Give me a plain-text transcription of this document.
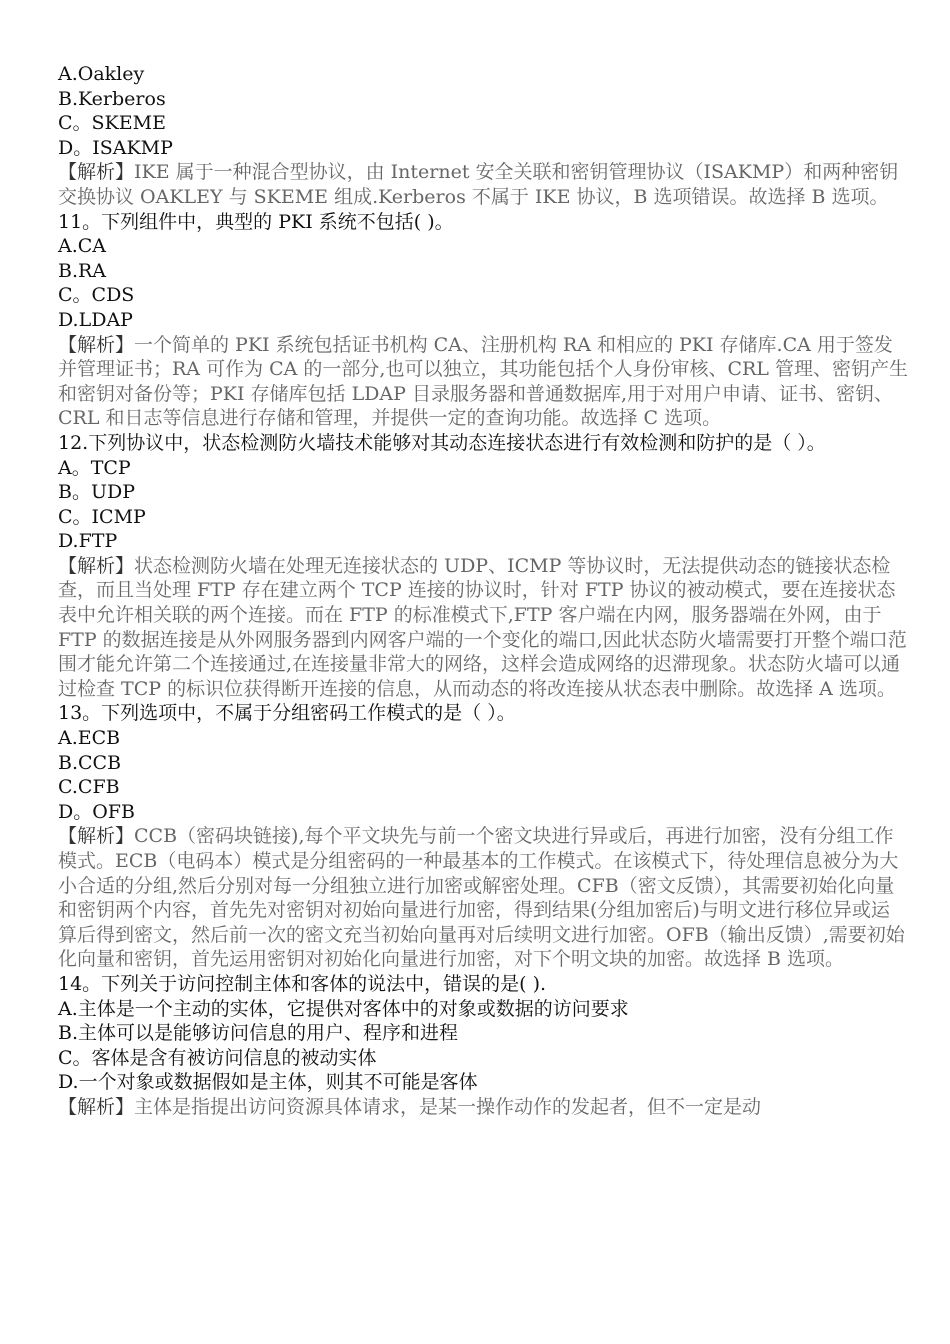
A.Oakley
B.Kerberos
C。SKEME
D。ISAKMP
【解析】IKE 属于一种混合型协议，由 Internet 安全关联和密钥管理协议（ISAKMP）和两种密钥交换协议 OAKLEY 与 SKEME 组成.Kerberos 不属于 IKE 协议，B 选项错误。故选择 B 选项。
11。下列组件中，典型的 PKI 系统不包括( )。
A.CA
B.RA
C。CDS
D.LDAP
【解析】一个简单的 PKI 系统包括证书机构 CA、注册机构 RA 和相应的 PKI 存储库.CA 用于签发并管理证书；RA 可作为 CA 的一部分,也可以独立，其功能包括个人身份审核、CRL 管理、密钥产生和密钥对备份等；PKI 存储库包括 LDAP 目录服务器和普通数据库,用于对用户申请、证书、密钥、CRL 和日志等信息进行存储和管理，并提供一定的查询功能。故选择 C 选项。
12.下列协议中，状态检测防火墙技术能够对其动态连接状态进行有效检测和防护的是（ ）。
A。TCP
B。UDP
C。ICMP
D.FTP
【解析】状态检测防火墙在处理无连接状态的 UDP、ICMP 等协议时，无法提供动态的链接状态检查，而且当处理 FTP 存在建立两个 TCP 连接的协议时，针对 FTP 协议的被动模式，要在连接状态表中允许相关联的两个连接。而在 FTP 的标准模式下,FTP 客户端在内网，服务器端在外网，由于 FTP 的数据连接是从外网服务器到内网客户端的一个变化的端口,因此状态防火墙需要打开整个端口范围才能允许第二个连接通过,在连接量非常大的网络，这样会造成网络的迟滞现象。状态防火墙可以通过检查 TCP 的标识位获得断开连接的信息，从而动态的将改连接从状态表中删除。故选择 A 选项。
13。下列选项中，不属于分组密码工作模式的是（ ）。
A.ECB
B.CCB
C.CFB
D。OFB
【解析】CCB（密码块链接),每个平文块先与前一个密文块进行异或后，再进行加密，没有分组工作模式。ECB（电码本）模式是分组密码的一种最基本的工作模式。在该模式下，待处理信息被分为大小合适的分组,然后分别对每一分组独立进行加密或解密处理。CFB（密文反馈），其需要初始化向量和密钥两个内容，首先先对密钥对初始向量进行加密，得到结果(分组加密后)与明文进行移位异或运算后得到密文，然后前一次的密文充当初始向量再对后续明文进行加密。OFB（输出反馈）,需要初始化向量和密钥，首先运用密钥对初始化向量进行加密，对下个明文块的加密。故选择 B 选项。
14。下列关于访问控制主体和客体的说法中，错误的是( ).
A.主体是一个主动的实体，它提供对客体中的对象或数据的访问要求
B.主体可以是能够访问信息的用户、程序和进程
C。客体是含有被访问信息的被动实体
D.一个对象或数据假如是主体，则其不可能是客体
【解析】主体是指提出访问资源具体请求，是某一操作动作的发起者，但不一定是动
